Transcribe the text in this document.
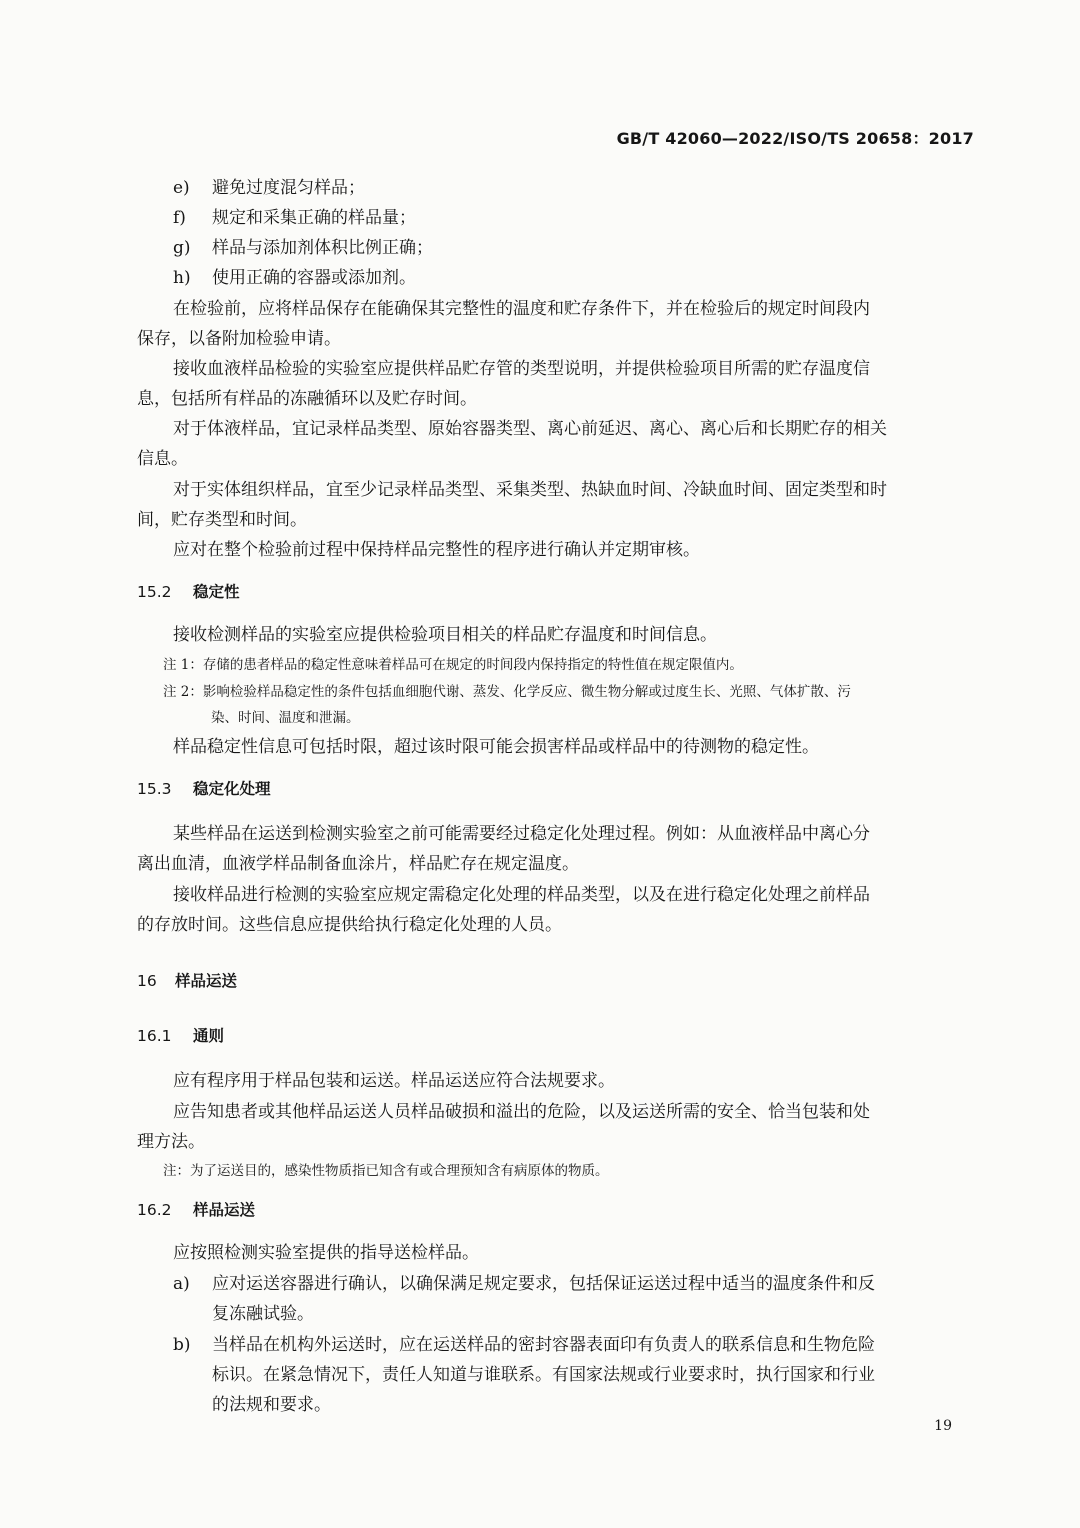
GB/T 42060—2022/ISO/TS 20658：2017
e) 避免过度混匀样品；
f) 规定和采集正确的样品量；
g) 样品与添加剂体积比例正确；
h) 使用正确的容器或添加剂。
在检验前，应将样品保存在能确保其完整性的温度和贮存条件下，并在检验后的规定时间段内
保存，以备附加检验申请。
接收血液样品检验的实验室应提供样品贮存管的类型说明，并提供检验项目所需的贮存温度信
息，包括所有样品的冻融循环以及贮存时间。
对于体液样品，宜记录样品类型、原始容器类型、离心前延迟、离心、离心后和长期贮存的相关
信息。
对于实体组织样品，宜至少记录样品类型、采集类型、热缺血时间、冷缺血时间、固定类型和时
间，贮存类型和时间。
应对在整个检验前过程中保持样品完整性的程序进行确认并定期审核。
15.2 稳定性
接收检测样品的实验室应提供检验项目相关的样品贮存温度和时间信息。
注 1：存储的患者样品的稳定性意味着样品可在规定的时间段内保持指定的特性值在规定限值内。
注 2：影响检验样品稳定性的条件包括血细胞代谢、蒸发、化学反应、微生物分解或过度生长、光照、气体扩散、污
染、时间、温度和泄漏。
样品稳定性信息可包括时限，超过该时限可能会损害样品或样品中的待测物的稳定性。
15.3 稳定化处理
某些样品在运送到检测实验室之前可能需要经过稳定化处理过程。例如：从血液样品中离心分
离出血清，血液学样品制备血涂片，样品贮存在规定温度。
接收样品进行检测的实验室应规定需稳定化处理的样品类型，以及在进行稳定化处理之前样品
的存放时间。这些信息应提供给执行稳定化处理的人员。
16 样品运送
16.1 通则
应有程序用于样品包装和运送。样品运送应符合法规要求。
应告知患者或其他样品运送人员样品破损和溢出的危险，以及运送所需的安全、恰当包装和处
理方法。
注：为了运送目的，感染性物质指已知含有或合理预知含有病原体的物质。
16.2 样品运送
应按照检测实验室提供的指导送检样品。
a) 应对运送容器进行确认，以确保满足规定要求，包括保证运送过程中适当的温度条件和反
复冻融试验。
b) 当样品在机构外运送时，应在运送样品的密封容器表面印有负责人的联系信息和生物危险
标识。在紧急情况下，责任人知道与谁联系。有国家法规或行业要求时，执行国家和行业
的法规和要求。
19
